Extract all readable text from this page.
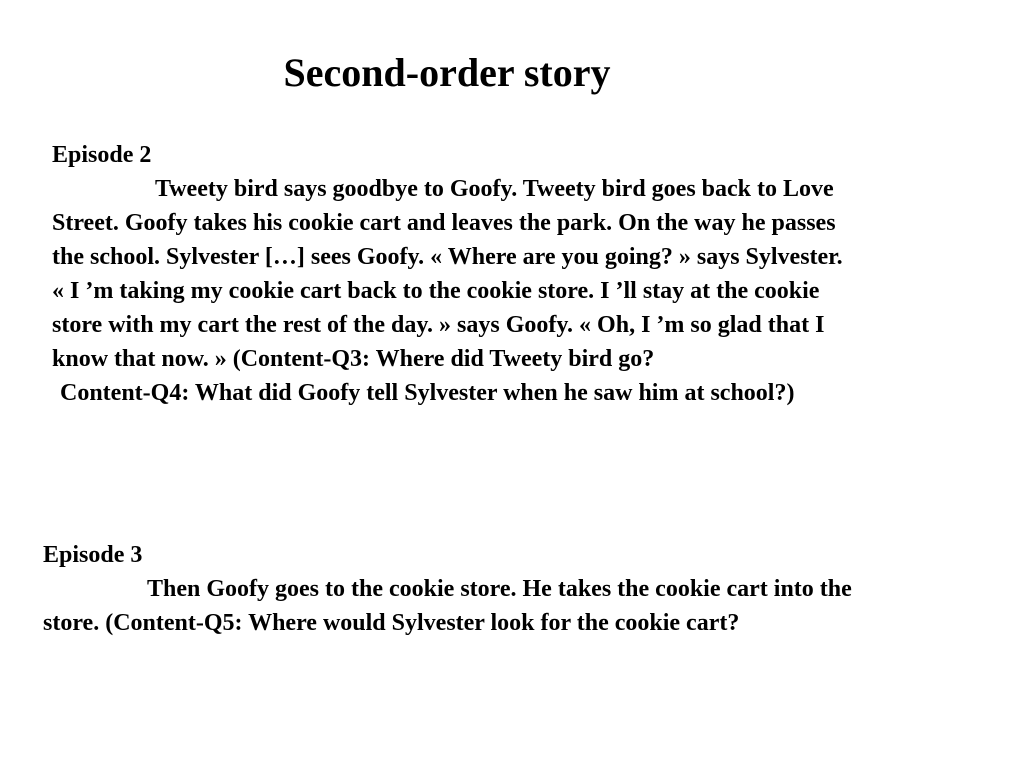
Second-order story
Episode 2
Tweety bird says goodbye to Goofy. Tweety bird goes back to Love
Street. Goofy takes his cookie cart and leaves the park. On the way he passes
the school. Sylvester […] sees Goofy. « Where are you going? » says Sylvester.
« I ’m taking my cookie cart back to the cookie store. I ’ll stay at the cookie
store with my cart the rest of the day. » says Goofy. « Oh, I ’m so glad that I
know that now. » (Content-Q3: Where did Tweety bird go?
Content-Q4: What did Goofy tell Sylvester when he saw him at school?)
Episode 3
Then Goofy goes to the cookie store. He takes the cookie cart into the
store. (Content-Q5: Where would Sylvester look for the cookie cart?
